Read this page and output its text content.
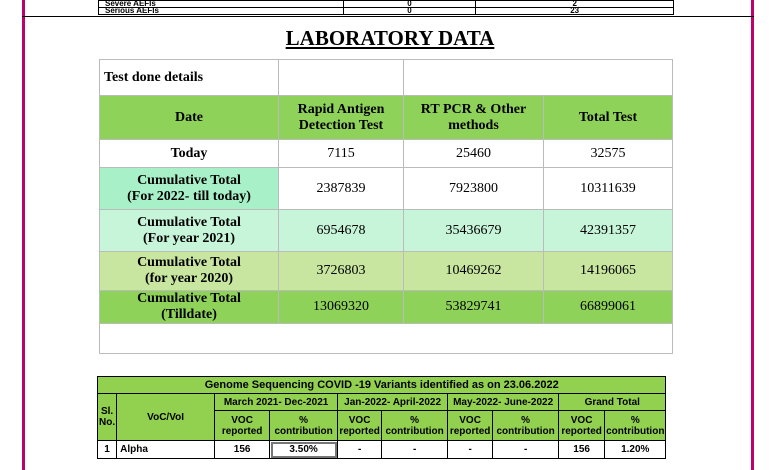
Severe AEFIs	0	2
Serious AEFIs	0	23
LABORATORY DATA
Test done details			
Date	Rapid Antigen Detection Test	RT PCR & Other methods	Total Test
Today	7115	25460	32575
Cumulative Total
(For 2022- till today)	2387839	7923800	10311639
Cumulative Total
(For year 2021)	6954678	35436679	42391357
Cumulative Total
(for year 2020)	3726803	10469262	14196065
Cumulative Total
(Tilldate)	13069320	53829741	66899061

Genome Sequencing COVID -19 Variants identified as on 23.06.2022									
Sl. No.	VoC/VoI	March 2021- Dec-2021		Jan-2022- April-2022		May-2022- June-2022		Grand Total	
		VOC reported	% contribution	VOC reported	% contribution	VOC reported	% contribution	VOC reported	% contribution
1	Alpha	156	3.50%	-	-	-	-	156	1.20%
